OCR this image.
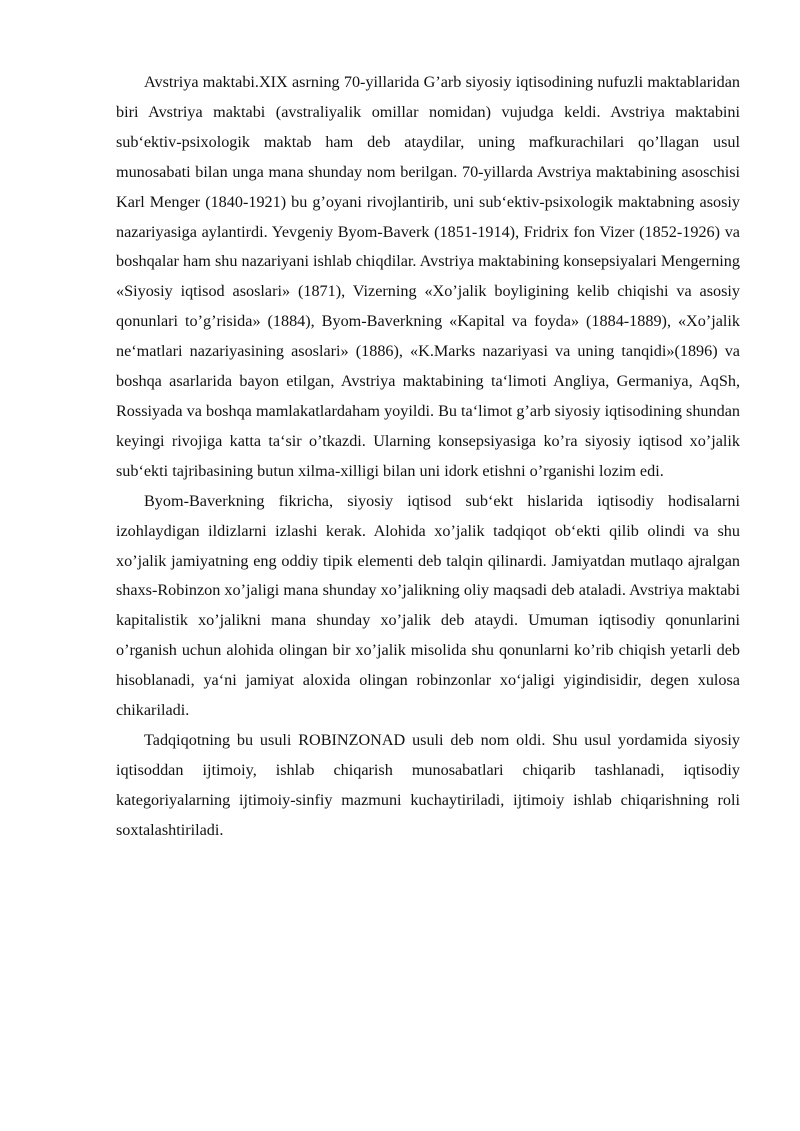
Avstriya maktabi.XIX asrning 70-yillarida G’arb siyosiy iqtisodining nufuzli maktablaridan biri Avstriya maktabi (avstraliyalik omillar nomidan) vujudga keldi. Avstriya maktabini sub‘ektiv-psixologik maktab ham deb ataydilar, uning mafkurachilari qo’llagan usul munosabati bilan unga mana shunday nom berilgan. 70-yillarda Avstriya maktabining asoschisi Karl Menger (1840-1921) bu g’oyani rivojlantirib, uni sub‘ektiv-psixologik maktabning asosiy nazariyasiga aylantirdi. Yevgeniy Byom-Baverk (1851-1914), Fridrix fon Vizer (1852-1926) va boshqalar ham shu nazariyani ishlab chiqdilar. Avstriya maktabining konsepsiyalari Mengerning «Siyosiy iqtisod asoslari» (1871), Vizerning «Xo’jalik boyligining kelib chiqishi va asosiy qonunlari to’g’risida» (1884), Byom-Baverkning «Kapital va foyda» (1884-1889), «Xo’jalik ne‘matlari nazariyasining asoslari» (1886), «K.Marks nazariyasi va uning tanqidi»(1896) va boshqa asarlarida bayon etilgan, Avstriya maktabining ta‘limoti Angliya, Germaniya, AqSh, Rossiyada va boshqa mamlakatlardaham yoyildi. Bu ta‘limot g’arb siyosiy iqtisodining shundan keyingi rivojiga katta ta‘sir o’tkazdi. Ularning konsepsiyasiga ko’ra siyosiy iqtisod xo’jalik sub‘ekti tajribasining butun xilma-xilligi bilan uni idork etishni o’rganishi lozim edi.

Byom-Baverkning fikricha, siyosiy iqtisod sub‘ekt hislarida iqtisodiy hodisalarni izohlaydigan ildizlarni izlashi kerak. Alohida xo’jalik tadqiqot ob‘ekti qilib olindi va shu xo’jalik jamiyatning eng oddiy tipik elementi deb talqin qilinardi. Jamiyatdan mutlaqo ajralgan shaxs-Robinzon xo’jaligi mana shunday xo’jalikning oliy maqsadi deb ataladi. Avstriya maktabi kapitalistik xo’jalikni mana shunday xo’jalik deb ataydi. Umuman iqtisodiy qonunlarini o’rganish uchun alohida olingan bir xo’jalik misolida shu qonunlarni ko’rib chiqish yetarli deb hisoblanadi, ya‘ni jamiyat aloxida olingan robinzonlar xo‘jaligi yigindisidir, degen xulosa chikariladi.

Tadqiqotning bu usuli ROBINZONAD usuli deb nom oldi. Shu usul yordamida siyosiy iqtisoddan ijtimoiy, ishlab chiqarish munosabatlari chiqarib tashlanadi, iqtisodiy kategoriyalarning ijtimoiy-sinfiy mazmuni kuchaytiriladi, ijtimoiy ishlab chiqarishning roli soxtalashtiriladi.
